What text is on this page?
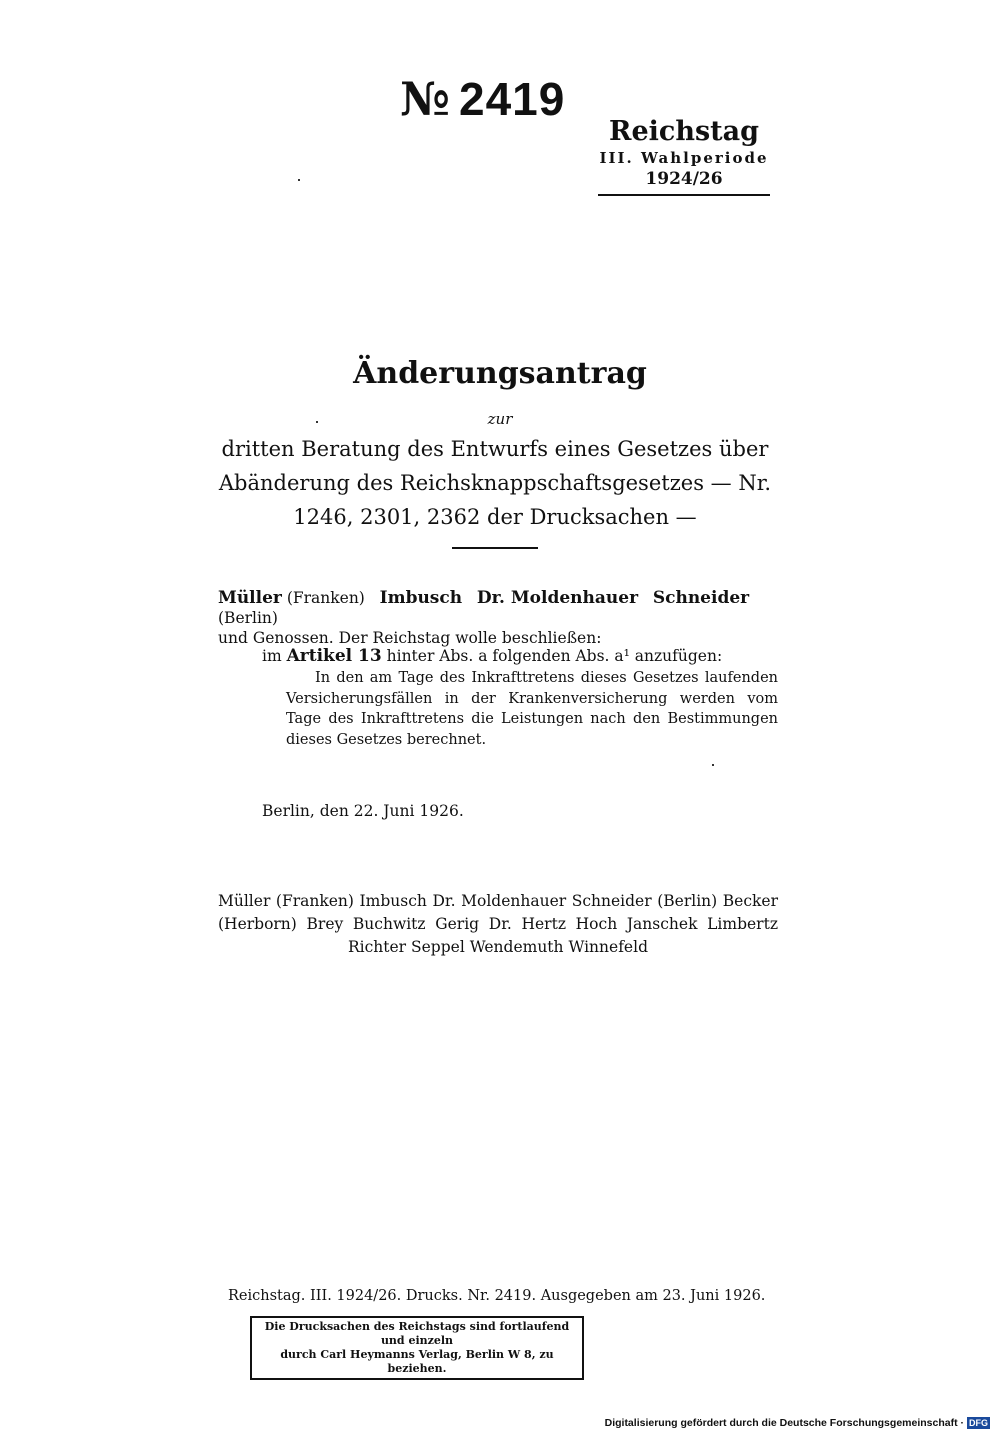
№ 2419
Reichstag
III. Wahlperiode
1924/26
Änderungsantrag
zur
dritten Beratung des Entwurfs eines Gesetzes über Abänderung des Reichsknappschaftsgesetzes — Nr. 1246, 2301, 2362 der Drucksachen —
Müller (Franken) Imbusch Dr. Moldenhauer Schneider (Berlin)
und Genossen. Der Reichstag wolle beschließen:
im Artikel 13 hinter Abs. a folgenden Abs. a¹ anzufügen:
In den am Tage des Inkrafttretens dieses Gesetzes laufenden Versicherungsfällen in der Krankenversicherung werden vom Tage des Inkrafttretens die Leistungen nach den Bestimmungen dieses Gesetzes berechnet.
Berlin, den 22. Juni 1926.
Müller (Franken) Imbusch Dr. Moldenhauer Schneider (Berlin) Becker (Herborn) Brey Buchwitz Gerig Dr. Hertz Hoch Janschek Limbertz Richter Seppel Wendemuth Winnefeld
Reichstag. III. 1924/26. Drucks. Nr. 2419. Ausgegeben am 23. Juni 1926.
Die Drucksachen des Reichstags sind fortlaufend und einzeln
durch Carl Heymanns Verlag, Berlin W 8, zu beziehen.
Digitalisierung gefördert durch die Deutsche Forschungsgemeinschaft · DFG
